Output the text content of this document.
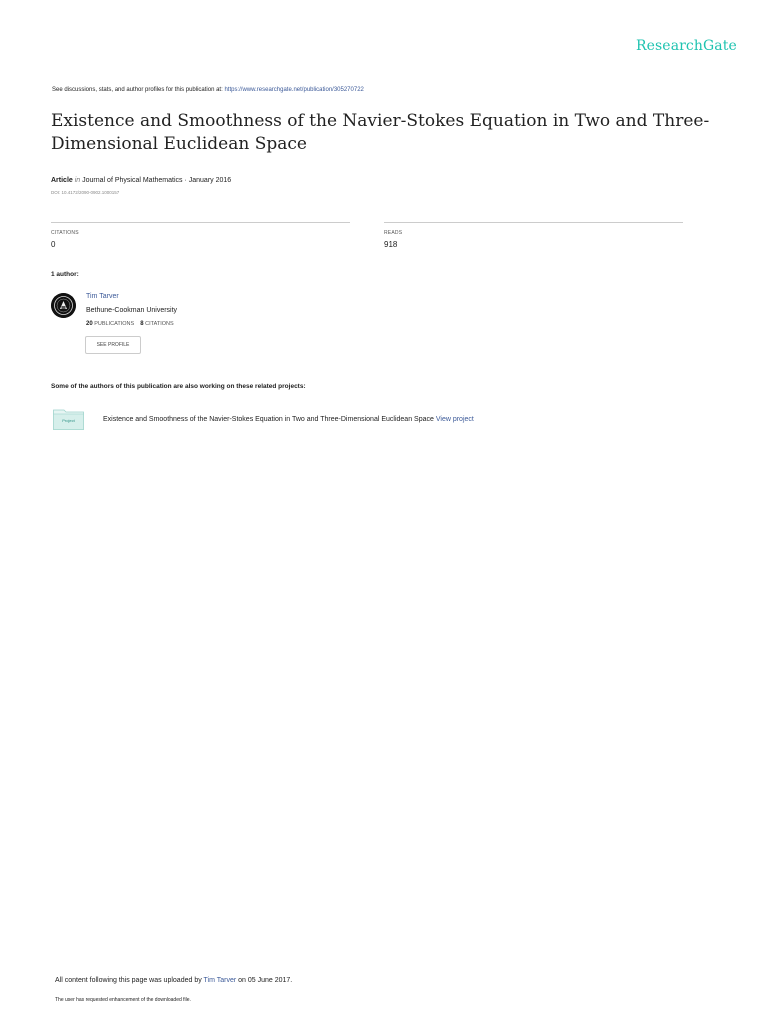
ResearchGate
See discussions, stats, and author profiles for this publication at: https://www.researchgate.net/publication/305270722
Existence and Smoothness of the Navier-Stokes Equation in Two and Three-
Dimensional Euclidean Space
Article in Journal of Physical Mathematics · January 2016
DOI: 10.4172/2090-0902.1000157
CITATIONS
0
READS
918
1 author:
Tim Tarver
Bethune-Cookman University
20 PUBLICATIONS 8 CITATIONS
SEE PROFILE
Some of the authors of this publication are also working on these related projects:
Project	Existence and Smoothness of the Navier-Stokes Equation in Two and Three-Dimensional Euclidean Space View project
All content following this page was uploaded by Tim Tarver on 05 June 2017.
The user has requested enhancement of the downloaded file.
